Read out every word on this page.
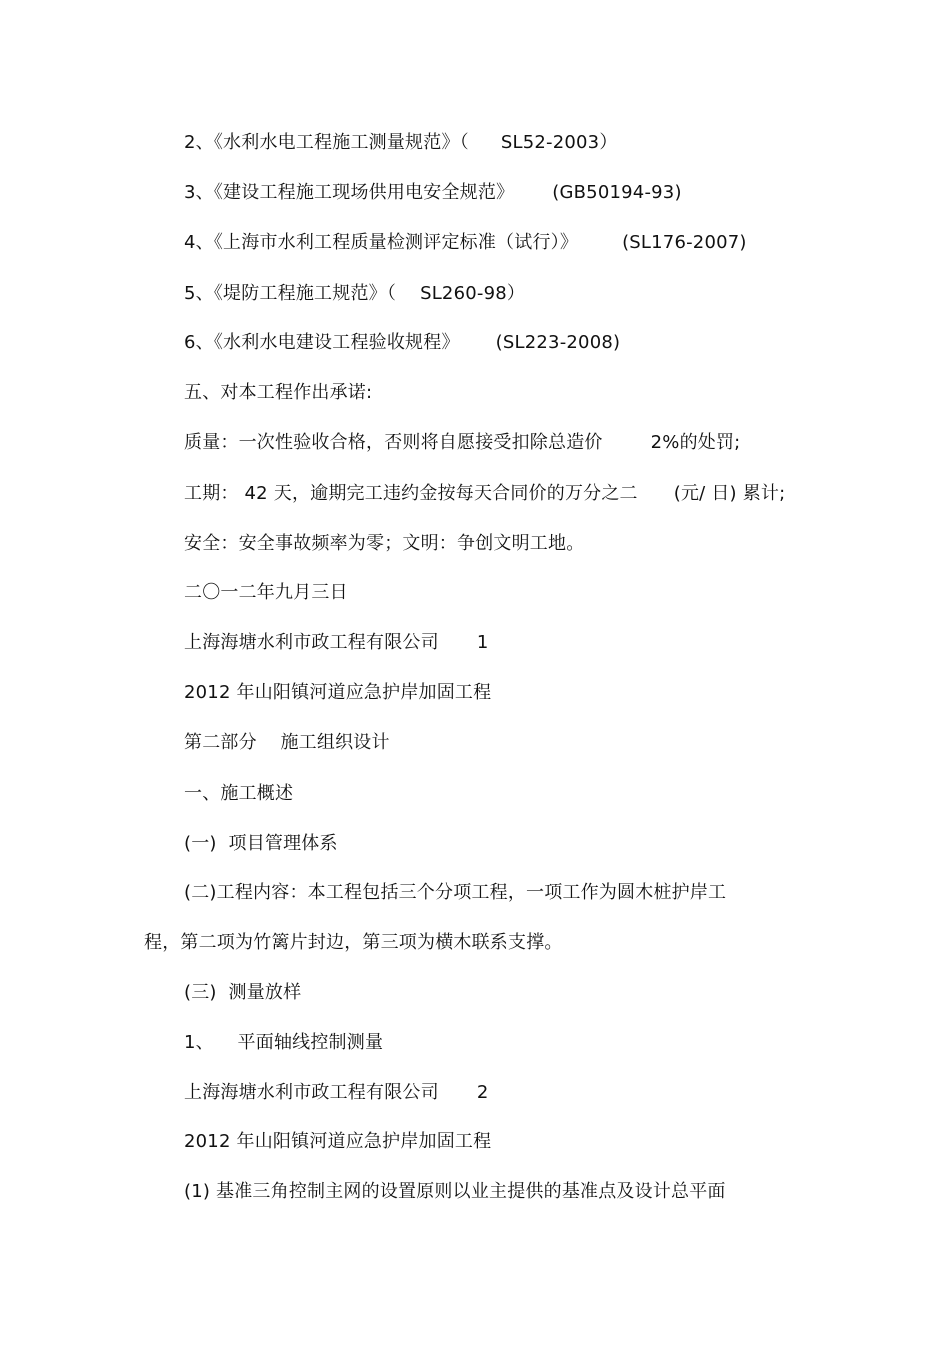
2、《水利水电工程施工测量规范》（ SL52-2003）
3、《建设工程施工现场供用电安全规范》 (GB50194-93)
4、《上海市水利工程质量检测评定标准（试行）》 (SL176-2007)
5、《堤防工程施工规范》（ SL260-98）
6、《水利水电建设工程验收规程》 (SL223-2008)
五、对本工程作出承诺:
质量：一次性验收合格，否则将自愿接受扣除总造价	2%的处罚;
工期： 42 天，逾期完工违约金按每天合同价的万分之二 (元/ 日) 累计;
安全：安全事故频率为零；文明：争创文明工地。
二〇一二年九月三日
上海海塘水利市政工程有限公司 1
2012 年山阳镇河道应急护岸加固工程
第二部分    施工组织设计
一、施工概述
(一)  项目管理体系
(二)工程内容：本工程包括三个分项工程，一项工作为圆木桩护岸工
程，第二项为竹篱片封边，第三项为横木联系支撑。
(三)  测量放样
1、    平面轴线控制测量
上海海塘水利市政工程有限公司 2
2012 年山阳镇河道应急护岸加固工程
(1) 基准三角控制主网的设置原则以业主提供的基准点及设计总平面
